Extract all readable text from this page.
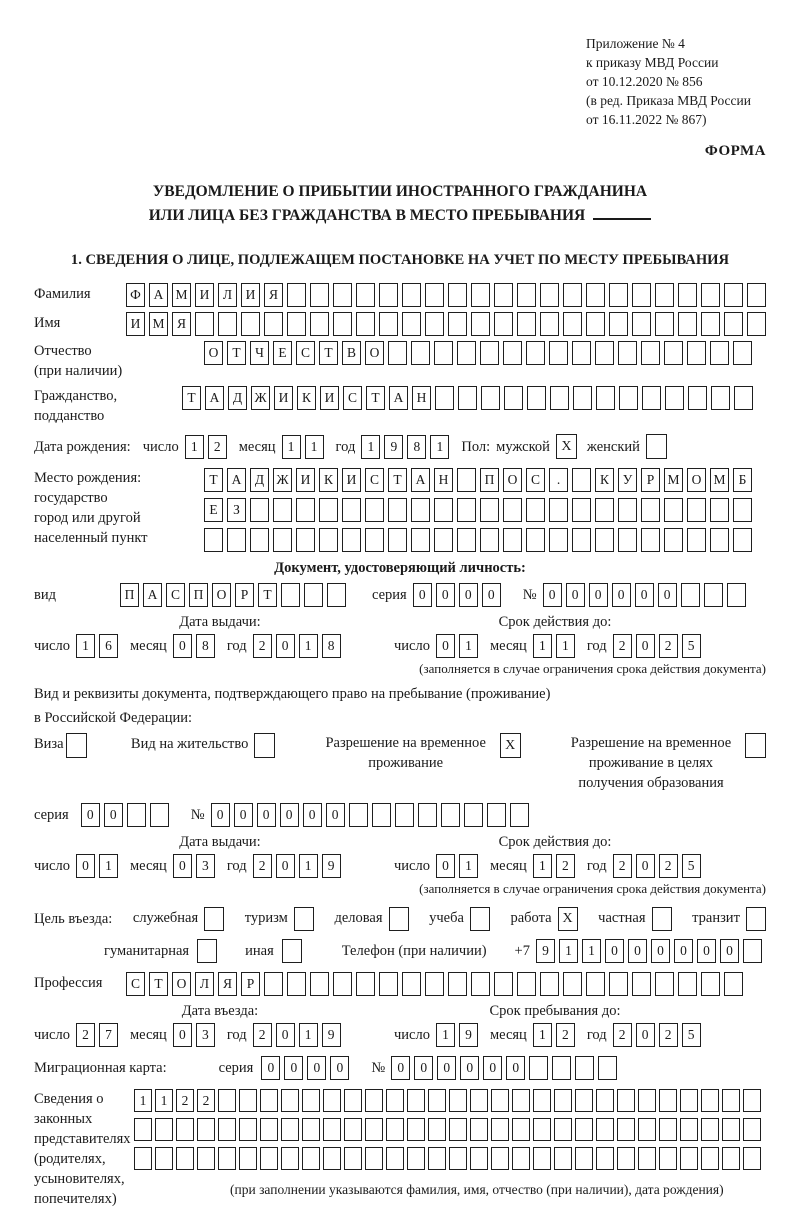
Приложение № 4
к приказу МВД России
от 10.12.2020 № 856
(в ред. Приказа МВД России
от 16.11.2022 № 867)
ФОРМА
УВЕДОМЛЕНИЕ О ПРИБЫТИИ ИНОСТРАННОГО ГРАЖДАНИНА
ИЛИ ЛИЦА БЕЗ ГРАЖДАНСТВА В МЕСТО ПРЕБЫВАНИЯ
1. СВЕДЕНИЯ О ЛИЦЕ, ПОДЛЕЖАЩЕМ ПОСТАНОВКЕ НА УЧЕТ ПО МЕСТУ ПРЕБЫВАНИЯ
Фамилия	Ф А М И	Л	И	Я
Имя	И М Я
Отчество
(при наличии)
О	Т	Ч	Е	С	Т	В	О
Гражданство,
подданство
Т	А	Д Ж И	К	И	С	Т	А Н
Дата рождения: число 1	2	месяц 1	1	год 1	9	8	1	Пол: мужской X	женский
Место рождения:
государство
город или другой
населенный пункт
Т	А	Д Ж И	К	И	С	Т	А Н	П О	С	.	К	У	Р М О М Б
Е	З
Документ, удостоверяющий личность:
вид	П А	С	П О	Р	Т	серия 0	0	0	0	№ 0	0	0	0	0	0
Дата выдачи:
число 1	6	месяц 0	8	год 2	0	1	8
Срок действия до:
число 0	1	месяц 1	1	год 2	0	2	5
(заполняется в случае ограничения срока действия документа)
Вид и реквизиты документа, подтверждающего право на пребывание (проживание)
в Российской Федерации:
Виза	Вид на жительство	Разрешение на временное проживание
X	Разрешение на временное проживание в целях получения образования
серия	0	0	№ 0	0	0	0	0	0
Дата выдачи:
число 0	1	месяц 0	3	год 2	0	1	9
Срок действия до:
число 0	1	месяц 1	2	год 2	0	2	5
(заполняется в случае ограничения срока действия документа)
Цель въезда: служебная	туризм	деловая	учеба	работа X	частная	транзит
гуманитарная	иная	Телефон (при наличии) +7 9	1	1	0	0	0	0	0	0
Профессия	С	Т	О	Л	Я	Р
Дата въезда:
число 2	7	месяц 0	3	год 2	0	1	9
Срок пребывания до:
число 1	9	месяц 1	2	год 2	0	2	5
Миграционная карта:	серия	0	0	0	0	№ 0	0	0	0	0	0
Сведения о
законных
представителях
(родителях,
усыновителях,
попечителях)
1	1	2	2
(при заполнении указываются фамилия, имя, отчество (при наличии), дата рождения)
